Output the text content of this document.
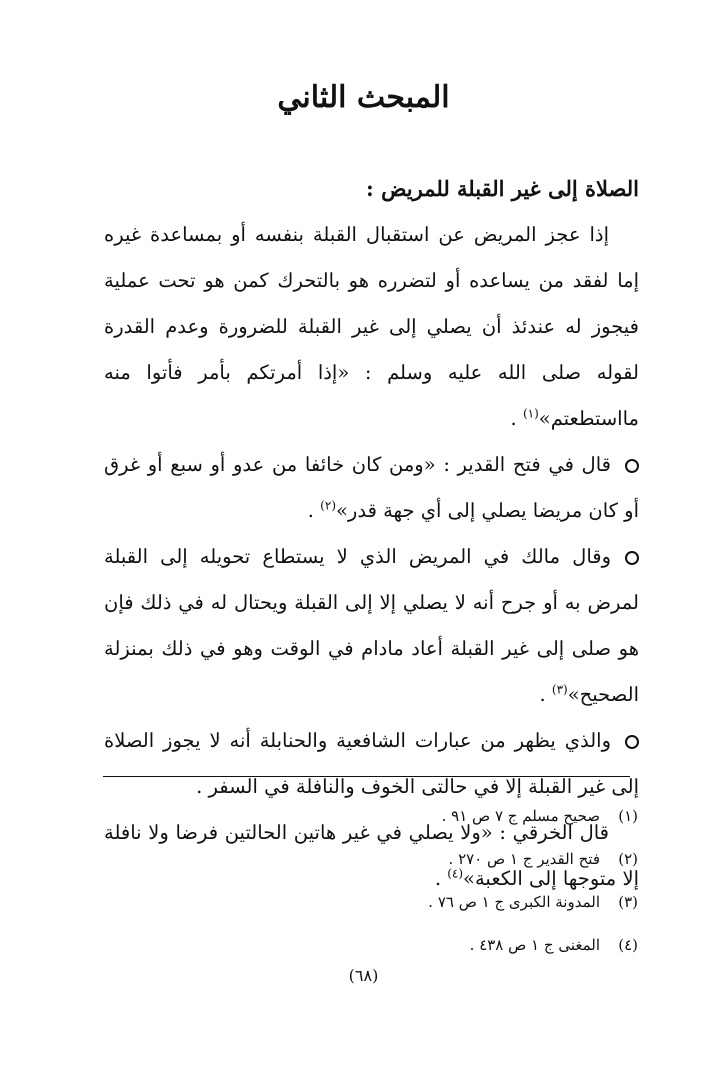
المبحث الثاني

الصلاة إلى غير القبلة للمريض :

إذا عجز المريض عن استقبال القبلة بنفسه أو بمساعدة غيره إما لفقد من يساعده أو لتضرره هو بالتحرك كمن هو تحت عملية فيجوز له عندئذ أن يصلي إلى غير القبلة للضرورة وعدم القدرة لقوله صلى الله عليه وسلم : «إذا أمرتكم بأمر فأتوا منه مااستطعتم»$^{(١)}$ .

قال في فتح القدير : «ومن كان خائفا من عدو أو سبع أو غرق أو كان مريضا يصلي إلى أي جهة قدر»$^{(٢)}$ .

وقال مالك في المريض الذي لا يستطاع تحويله إلى القبلة لمرض به أو جرح أنه لا يصلي إلا إلى القبلة ويحتال له في ذلك فإن هو صلى إلى غير القبلة أعاد مادام في الوقت وهو في ذلك بمنزلة الصحيح»$^{(٣)}$ .

والذي يظهر من عبارات الشافعية والحنابلة أنه لا يجوز الصلاة إلى غير القبلة إلا في حالتى الخوف والنافلة في السفر .

قال الخرقي : «ولا يصلي في غير هاتين الحالتين فرضا ولا نافلة إلا متوجها إلى الكعبة»$^{(٤)}$ .

(١)صحيح مسلم ج ٧ ص ٩١ .
(٢)فتح القدير ج ١ ص ٢٧٠ .
(٣)المدونة الكبرى ج ١ ص ٧٦ .
(٤)المغنى ج ١ ص ٤٣٨ .
(٦٨)
